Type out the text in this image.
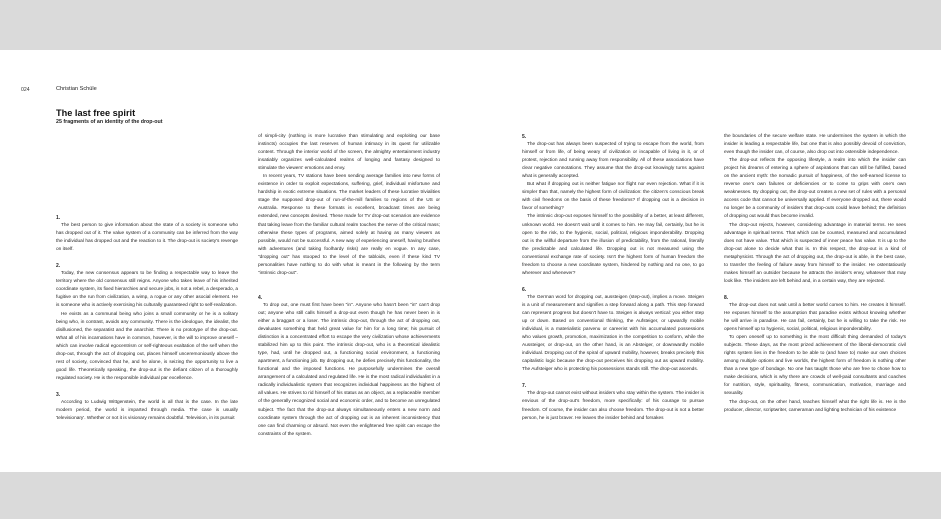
024	Christian Schüle
The last free spirit
25 fragments of an identity of the drop-out

1.

The best person to give information about the state of a society is someone who has dropped out of it. The value system of a community can be inferred from the way the individual has dropped out and the reaction to it. The drop-out is society's revenge on itself.

2.

Today, the new consensus appears to be finding a respectable way to leave the territory where the old consensus still reigns. Anyone who takes leave of his inherited coordinate system, its fixed hierarchies and secure jobs, is not a rebel, a desperado, a fugitive on the run from civilization, a wimp, a rogue or any other asocial element. He is someone who is actively exercising his culturally guaranteed right to self-realization.

He exists as a communal being who joins a small community or he is a solitary being who, in contrast, avoids any community. There is the ideologue, the idealist, the disillusioned, the separatist and the anarchist. There is no prototype of the drop-out. What all of his incarnations have in common, however, is the will to improve oneself – which can involve radical egocentrism or self-righteous exaltation of the self when the drop-out, through the act of dropping out, places himself unceremoniously above the rest of society, convinced that he, and he alone, is seizing the opportunity to live a good life. Theoretically speaking, the drop-out is the defiant citizen of a thoroughly regulated society. He is the responsible individual par excellence.

3.

According to Ludwig Wittgenstein, the world is all that is the case. In the late modern period, the world is imparted through media. The case is usually 'televisionary'. Whether or not it is visionary remains doubtful. Television, in its pursuit

of simpli-city (nothing is more lucrative than stimulating and exploiting our base instincts) occupies the last reserves of human intimacy in its quest for utilizable content. Through the interior world of the screen, the almighty entertainment industry insatiably organizes well-calculated realms of longing and fantasy designed to stimulate the viewers' emotions and envy.

In recent years, TV stations have been sending average families into new forms of existence in order to exploit expectations, suffering, grief, individual misfortune and hardship in exotic extreme situations. The market leaders of these lucrative trivialities stage the supposed drop-out of run-of-the-mill families to regions of the US or Australia. Response to these formats is excellent, broadcast times are being extended, new concepts devised. These made for TV drop-out scenarios are evidence that taking leave from the familiar cultural realm touches the nerve of the critical mass; otherwise these types of programs, aimed solely at having as many viewers as possible, would not be successful. A new way of experiencing oneself, having brushes with adventures (and taking foolhardy risks) are really en vogue. In any case, "dropping out" has stooped to the level of the tabloids, even if these kind TV personalities have nothing to do with what is meant in the following by the term "intrinsic drop-out".

4.

To drop out, one must first have been "in". Anyone who hasn't been "in" can't drop out; anyone who still calls himself a drop-out even though he has never been in is either a braggart or a loser. The intrinsic drop-out, through the act of dropping out, devaluates something that held great value for him for a long time; his pursuit of distinction is a concentrated effort to escape the very civilization whose achievements stabilized him up to this point. The intrinsic drop-out, who is a theoretical idealistic type, had, until he dropped out, a functioning social environment, a functioning apartment, a functioning job. By dropping out, he defies precisely this functionality, the functional and the imposed functions. He purposefully undermines the overall arrangement of a calculated and regulated life. He is the most radical individualist in a radically individualistic system that recognizes individual happiness as the highest of all values. He strives to rid himself of his status as an object, as a replaceable member of the generally recognized social and economic order, and to become an unregulated subject. The fact that the drop-out always simultaneously enters a new norm and coordinate system through the act of dropping out is an inherent inconsistency that one can find charming or absurd. Not even the enlightened free spirit can escape the constraints of the system.

5.

The drop-out has always been suspected of trying to escape from the world, from himself or from life, of being weary of civilization or incapable of living in it, or of protest, rejection and running away from responsibility. All of these associations have clear negative connotations. They assume that the drop-out knowingly turns against what is generally accepted.

But what if dropping out is neither fatigue nor flight nor even rejection. What if it is simpler than that, namely the highest form of civilization: the citizen's conscious break with civil freedoms on the basis of these freedoms? If dropping out is a decision in favor of something?

The intrinsic drop-out exposes himself to the possibility of a better, at least different, unknown world. He doesn't wait until it comes to him. He may fail, certainly, but he is open to the risk, to the hygienic, social, political, religious imponderability. Dropping out is the willful departure from the illusion of predictability, from the rational, literally the predictable and calculated life. Dropping out is not measured using the conventional exchange rate of society. Isn't the highest form of human freedom the freedom to choose a new coordinate system, hindered by nothing and no one, to go wherever and whenever?

6.

The German word for dropping out, aussteigen (step-out), implies a move. Steigen is a unit of measurement and signifies a step forward along a path. This step forward can represent progress but doesn't have to. Steigen is always vertical: you either step up or down. Based on conventional thinking, the Aufsteiger, or upwardly mobile individual, is a materialistic parvenu or careerist with his accumulated possessions who values growth, promotion, maximization in the competition to conform, while the Aussteiger, or drop-out, on the other hand, is an Absteiger, or downwardly mobile individual. Dropping out of the spiral of upward mobility, however, breaks precisely this capitalistic logic because the drop-out perceives his dropping out as upward mobility. The Aufsteiger who is protecting his possessions stands still. The drop-out ascends.

7.

The drop-out cannot exist without insiders who stay within the system. The insider is envious of the drop-out's freedom, more specifically: of his courage to pursue freedom. Of course, the insider can also choose freedom. The drop-out is not a better person, he is just braver. He leaves the insider behind and forsakes

the boundaries of the secure welfare state. He undermines the system in which the insider is leading a respectable life, but one that is also possibly devoid of conviction, even though the insider can, of course, also drop out into ostensible independence.

The drop-out reflects the opposing lifestyle, a realm into which the insider can project his dreams of entering a sphere of aspirations that can still be fulfilled, based on the ancient myth: the nomadic pursuit of happiness, of the self-earned license to reverse one's own failures or deficiencies or to come to grips with one's own weaknesses. By dropping out, the drop-out creates a new set of rules with a personal access code that cannot be universally applied. If everyone dropped out, there would no longer be a community of insiders that drop-outs could leave behind; the definition of dropping out would thus become invalid.

The drop-out rejects, however, considering advantage in material terms. He sees advantage in spiritual terms. That which can be counted, measured and accumulated does not have value. That which is suspected of inner peace has value. It is up to the drop-out alone to decide what that is. In this respect, the drop-out is a kind of metaphysicist. Through the act of dropping out, the drop-out is able, in the best case, to transfer the feeling of failure away from himself to the insider. He ostentatiously makes himself an outsider because he attracts the insider's envy, whatever that may look like. The insiders are left behind and, in a certain way, they are rejected.

8.

The drop-out does not wait until a better world comes to him. He creates it himself. He exposes himself to the assumption that paradise exists without knowing whether he will arrive in paradise. He can fail, certainly, but he is willing to take the risk. He opens himself up to hygienic, social, political, religious imponderability.

To open oneself up to something is the most difficult thing demanded of today's subjects. These days, as the most prized achievement of the liberal-democratic civil rights system lies in the freedom to be able to (and have to) make our own choices among multiple options and live worlds, the highest form of freedom is nothing other than a new type of bondage. No one has taught those who are free to chose how to make decisions, which is why there are crowds of well-paid consultants and coaches for nutrition, style, spirituality, fitness, communication, motivation, marriage and sexuality.

The drop-out, on the other hand, teaches himself what the right life is. He is the producer, director, scriptwriter, cameraman and lighting technician of his existence
